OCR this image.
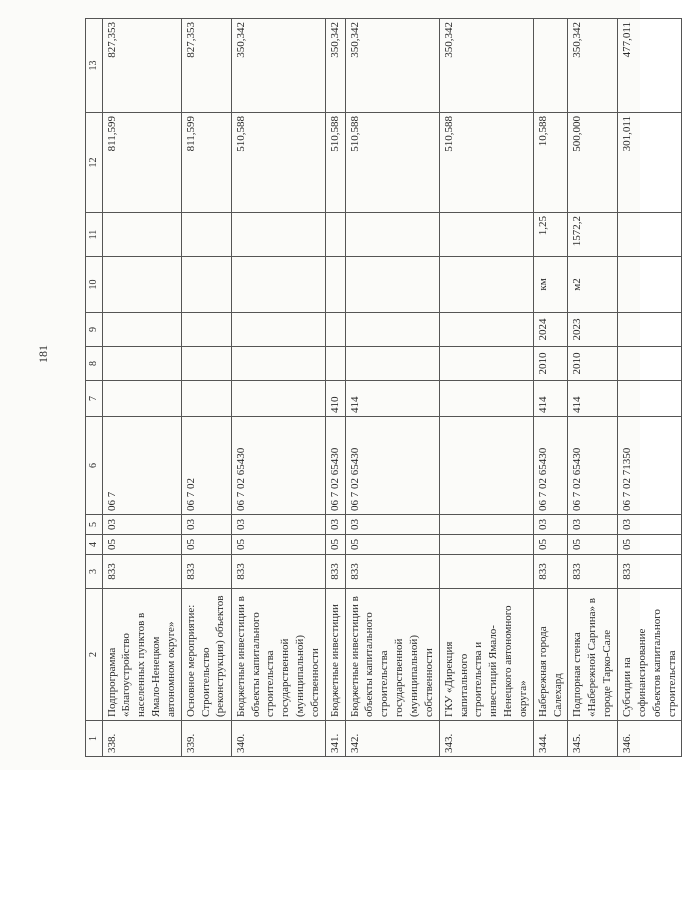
181
1	2	3	4	5	6	7	8	9	10	11	12	13
338.	Подпрограмма «Благоустройство населенных пунктов в Ямало-Ненецком автономном округе»	833	05	03	06 7						811,599	827,353
339.	Основное мероприятие: Строительство (реконструкция) объектов	833	05	03	06 7 02						811,599	827,353
340.	Бюджетные инвестиции в объекты капитального строительства государственной (муниципальной) собственности	833	05	03	06 7 02 65430						510,588	350,342
341.	Бюджетные инвестиции	833	05	03	06 7 02 65430	410					510,588	350,342
342.	Бюджетные инвестиции в объекты капитального строительства государственной (муниципальной) собственности	833	05	03	06 7 02 65430	414					510,588	350,342
343.	ГКУ «Дирекция капитального строительства и инвестиций Ямало-Ненецкого автономного округа»										510,588	350,342
344.	Набережная города Салехард	833	05	03	06 7 02 65430	414	2010	2024	км	1,25	10,588	
345.	Подпорная стенка «Набережной Саргина» в городе Тарко-Сале	833	05	03	06 7 02 65430	414	2010	2023	м2	1572,2	500,000	350,342
346.	Субсидии на софинансирование объектов капитального строительства	833	05	03	06 7 02 71350						301,011	477,011
